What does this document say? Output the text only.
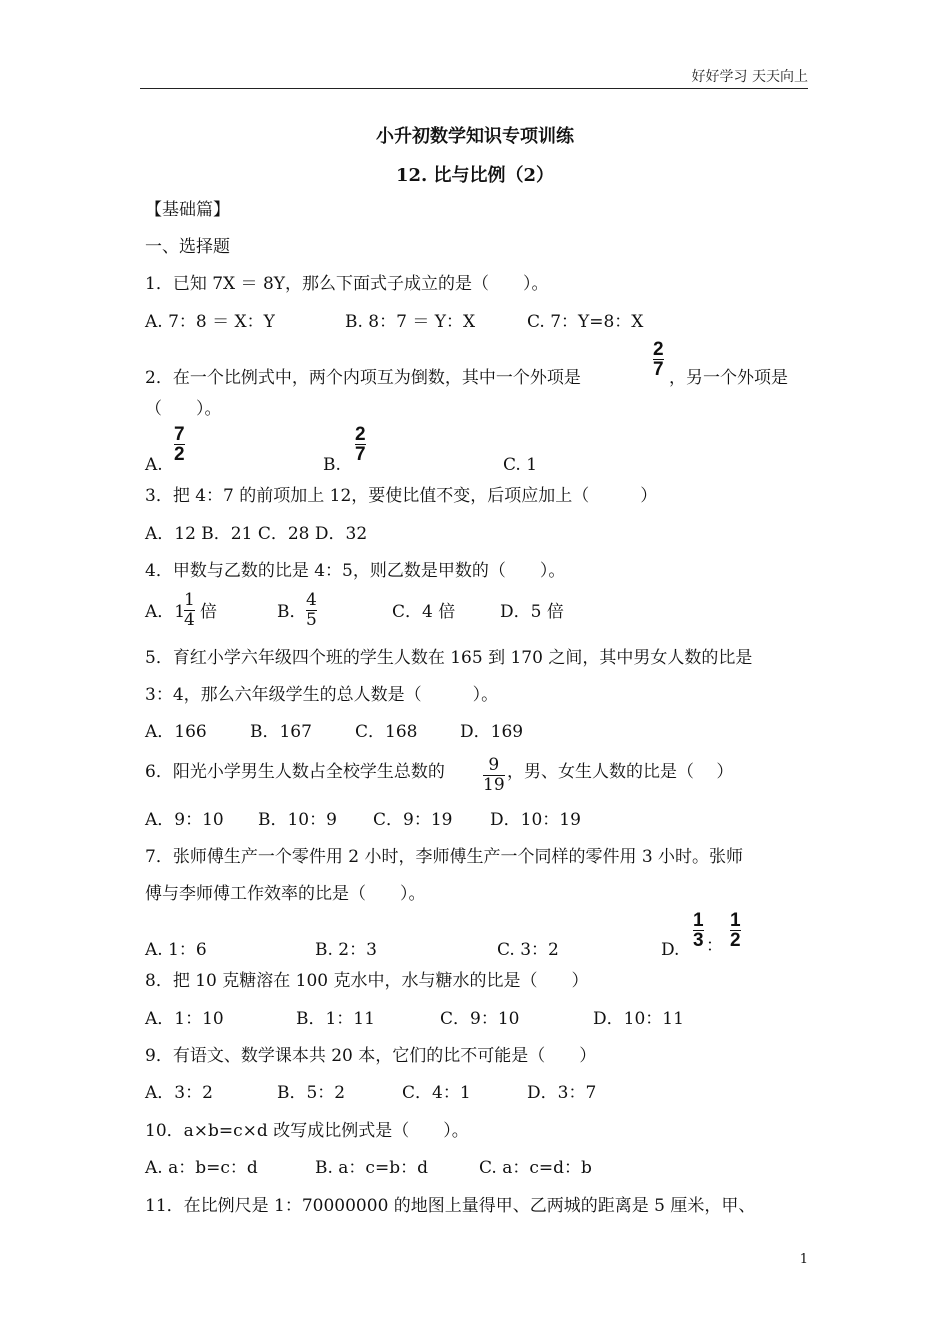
好好学习 天天向上
小升初数学知识专项训练
12. 比与比例（2）
【基础篇】
一、选择题
1．已知 7X ＝ 8Y，那么下面式子成立的是（　　）。
A. 7：8 ＝ X：Y	B. 8：7 ＝ Y：X	C. 7：Y=8：X
2．在一个比例式中，两个内项互为倒数，其中一个外项是
2
7 ，另一个外项是
（　　）。
A.
7
2	B.
2
7	C. 1
3．把 4：7 的前项加上 12，要使比值不变，后项应加上（　　　）
A．12 B．21 C．28 D．32
4．甲数与乙数的比是 4：5，则乙数是甲数的（　　）。
A．1
1
4 倍	B．
4
5	C．4 倍	D．5 倍
5．育红小学六年级四个班的学生人数在 165 到 170 之间，其中男女人数的比是
3：4，那么六年级学生的总人数是（　　　）。
A．166	B．167	C．168	D．169
6．阳光小学男生人数占全校学生总数的	9
19
，男、女生人数的比是（　 ）
A．9：10 B．10：9 C．9：19 D．10：19
7．张师傅生产一个零件用 2 小时，李师傅生产一个同样的零件用 3 小时。张师
傅与李师傅工作效率的比是（　　）。
A. 1：6	B. 2：3	C. 3：2	D.
1
3 ：
1
2
8．把 10 克糖溶在 100 克水中，水与糖水的比是（　　）
A．1：10	B．1：11	C．9：10	D．10：11
9．有语文、数学课本共 20 本，它们的比不可能是（　　）
A．3：2	B．5：2	C．4：1	D．3：7
10．a×b=c×d 改写成比例式是（　　）。
A. a：b=c：d	B. a：c=b：d	C. a：c=d：b
11．在比例尺是 1：70000000 的地图上量得甲、乙两城的距离是 5 厘米，甲、
1
